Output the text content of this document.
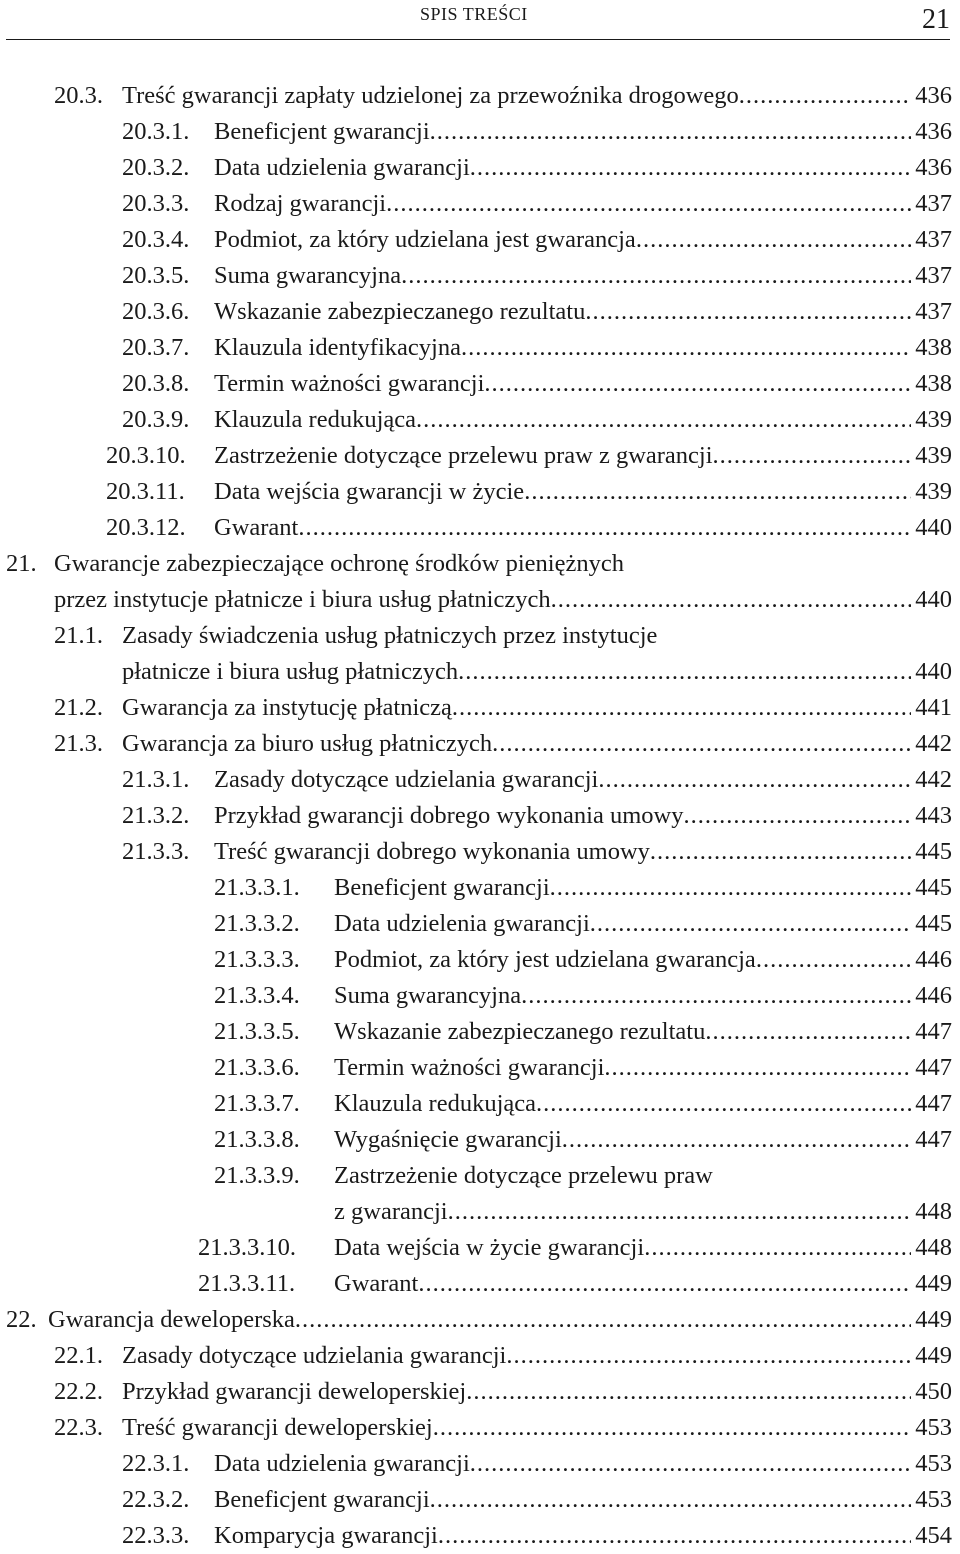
SPIS TREŚCI	21
20.3. Treść gwarancji zapłaty udzielonej za przewoźnika drogowego .....	436
20.3.1. Beneficjent gwarancji .....	436
20.3.2. Data udzielenia gwarancji .....	436
20.3.3. Rodzaj gwarancji .....	437
20.3.4. Podmiot, za który udzielana jest gwarancja .....	437
20.3.5. Suma gwarancyjna .....	437
20.3.6. Wskazanie zabezpieczanego rezultatu .....	437
20.3.7. Klauzula identyfikacyjna .....	438
20.3.8. Termin ważności gwarancji .....	438
20.3.9. Klauzula redukująca .....	439
20.3.10. Zastrzeżenie dotyczące przelewu praw z gwarancji .....	439
20.3.11. Data wejścia gwarancji w życie .....	439
20.3.12. Gwarant .....	440
21. Gwarancje zabezpieczające ochronę środków pieniężnych
przez instytucje płatnicze i biura usług płatniczych .....	440
21.1. Zasady świadczenia usług płatniczych przez instytucje
płatnicze i biura usług płatniczych .....	440
21.2. Gwarancja za instytucję płatniczą .....	441
21.3. Gwarancja za biuro usług płatniczych .....	442
21.3.1. Zasady dotyczące udzielania gwarancji .....	442
21.3.2. Przykład gwarancji dobrego wykonania umowy .....	443
21.3.3. Treść gwarancji dobrego wykonania umowy .....	445
21.3.3.1. Beneficjent gwarancji .....	445
21.3.3.2. Data udzielenia gwarancji .....	445
21.3.3.3. Podmiot, za który jest udzielana gwarancja .....	446
21.3.3.4. Suma gwarancyjna .....	446
21.3.3.5. Wskazanie zabezpieczanego rezultatu .....	447
21.3.3.6. Termin ważności gwarancji .....	447
21.3.3.7. Klauzula redukująca .....	447
21.3.3.8. Wygaśnięcie gwarancji .....	447
21.3.3.9. Zastrzeżenie dotyczące przelewu praw
z gwarancji .....	448
21.3.3.10. Data wejścia w życie gwarancji .....	448
21.3.3.11. Gwarant .....	449
22. Gwarancja deweloperska .....	449
22.1. Zasady dotyczące udzielania gwarancji .....	449
22.2. Przykład gwarancji deweloperskiej .....	450
22.3. Treść gwarancji deweloperskiej .....	453
22.3.1. Data udzielenia gwarancji .....	453
22.3.2. Beneficjent gwarancji .....	453
22.3.3. Komparycja gwarancji .....	454
